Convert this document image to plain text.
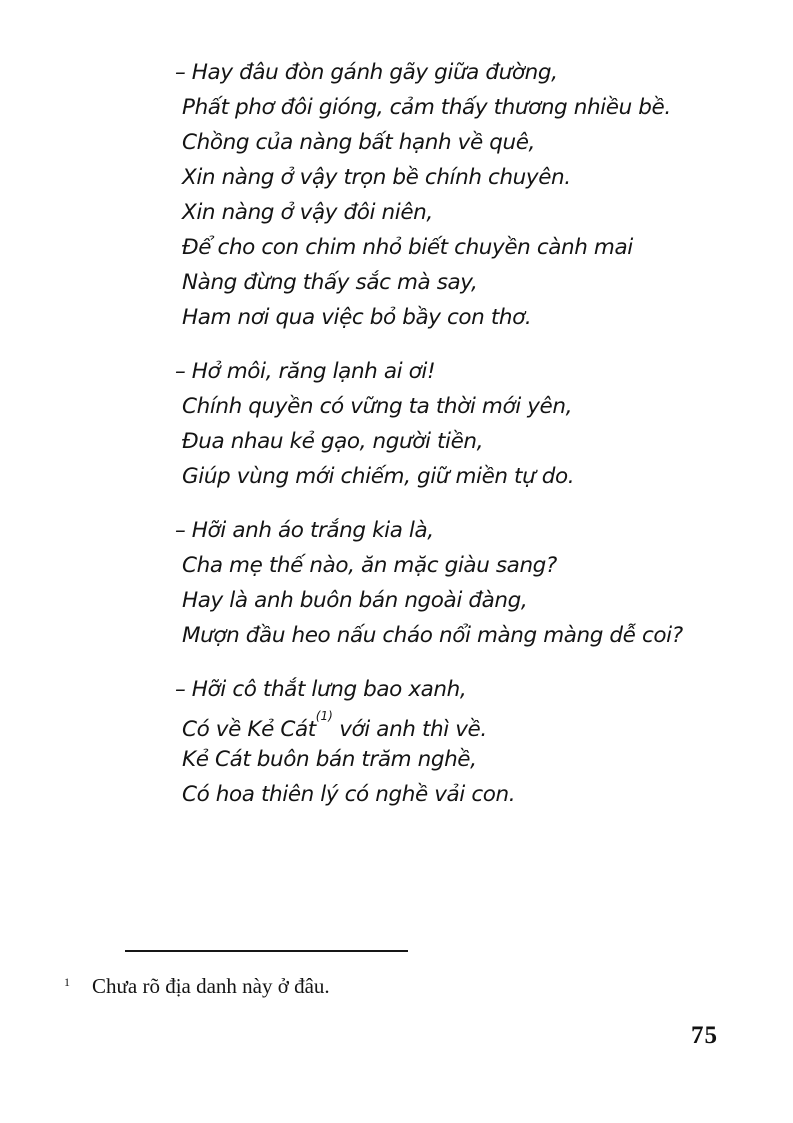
– Hay đâu đòn gánh gãy giữa đường,
Phất phơ đôi gióng, cảm thấy thương nhiều bề.
Chồng của nàng bất hạnh về quê,
Xin nàng ở vậy trọn bề chính chuyên.
Xin nàng ở vậy đôi niên,
Để cho con chim nhỏ biết chuyền cành mai
Nàng đừng thấy sắc mà say,
Ham nơi qua việc bỏ bầy con thơ.
– Hở môi, răng lạnh ai ơi!
Chính quyền có vững ta thời mới yên,
Đua nhau kẻ gạo, người tiền,
Giúp vùng mới chiếm, giữ miền tự do.
– Hỡi anh áo trắng kia là,
Cha mẹ thế nào, ăn mặc giàu sang?
Hay là anh buôn bán ngoài đàng,
Mượn đầu heo nấu cháo nổi màng màng dễ coi?
– Hỡi cô thắt lưng bao xanh,
Có về Kẻ Cát$^{(1)}$ với anh thì về.
Kẻ Cát buôn bán trăm nghề,
Có hoa thiên lý có nghề vải con.
1 Chưa rõ địa danh này ở đâu.
75
